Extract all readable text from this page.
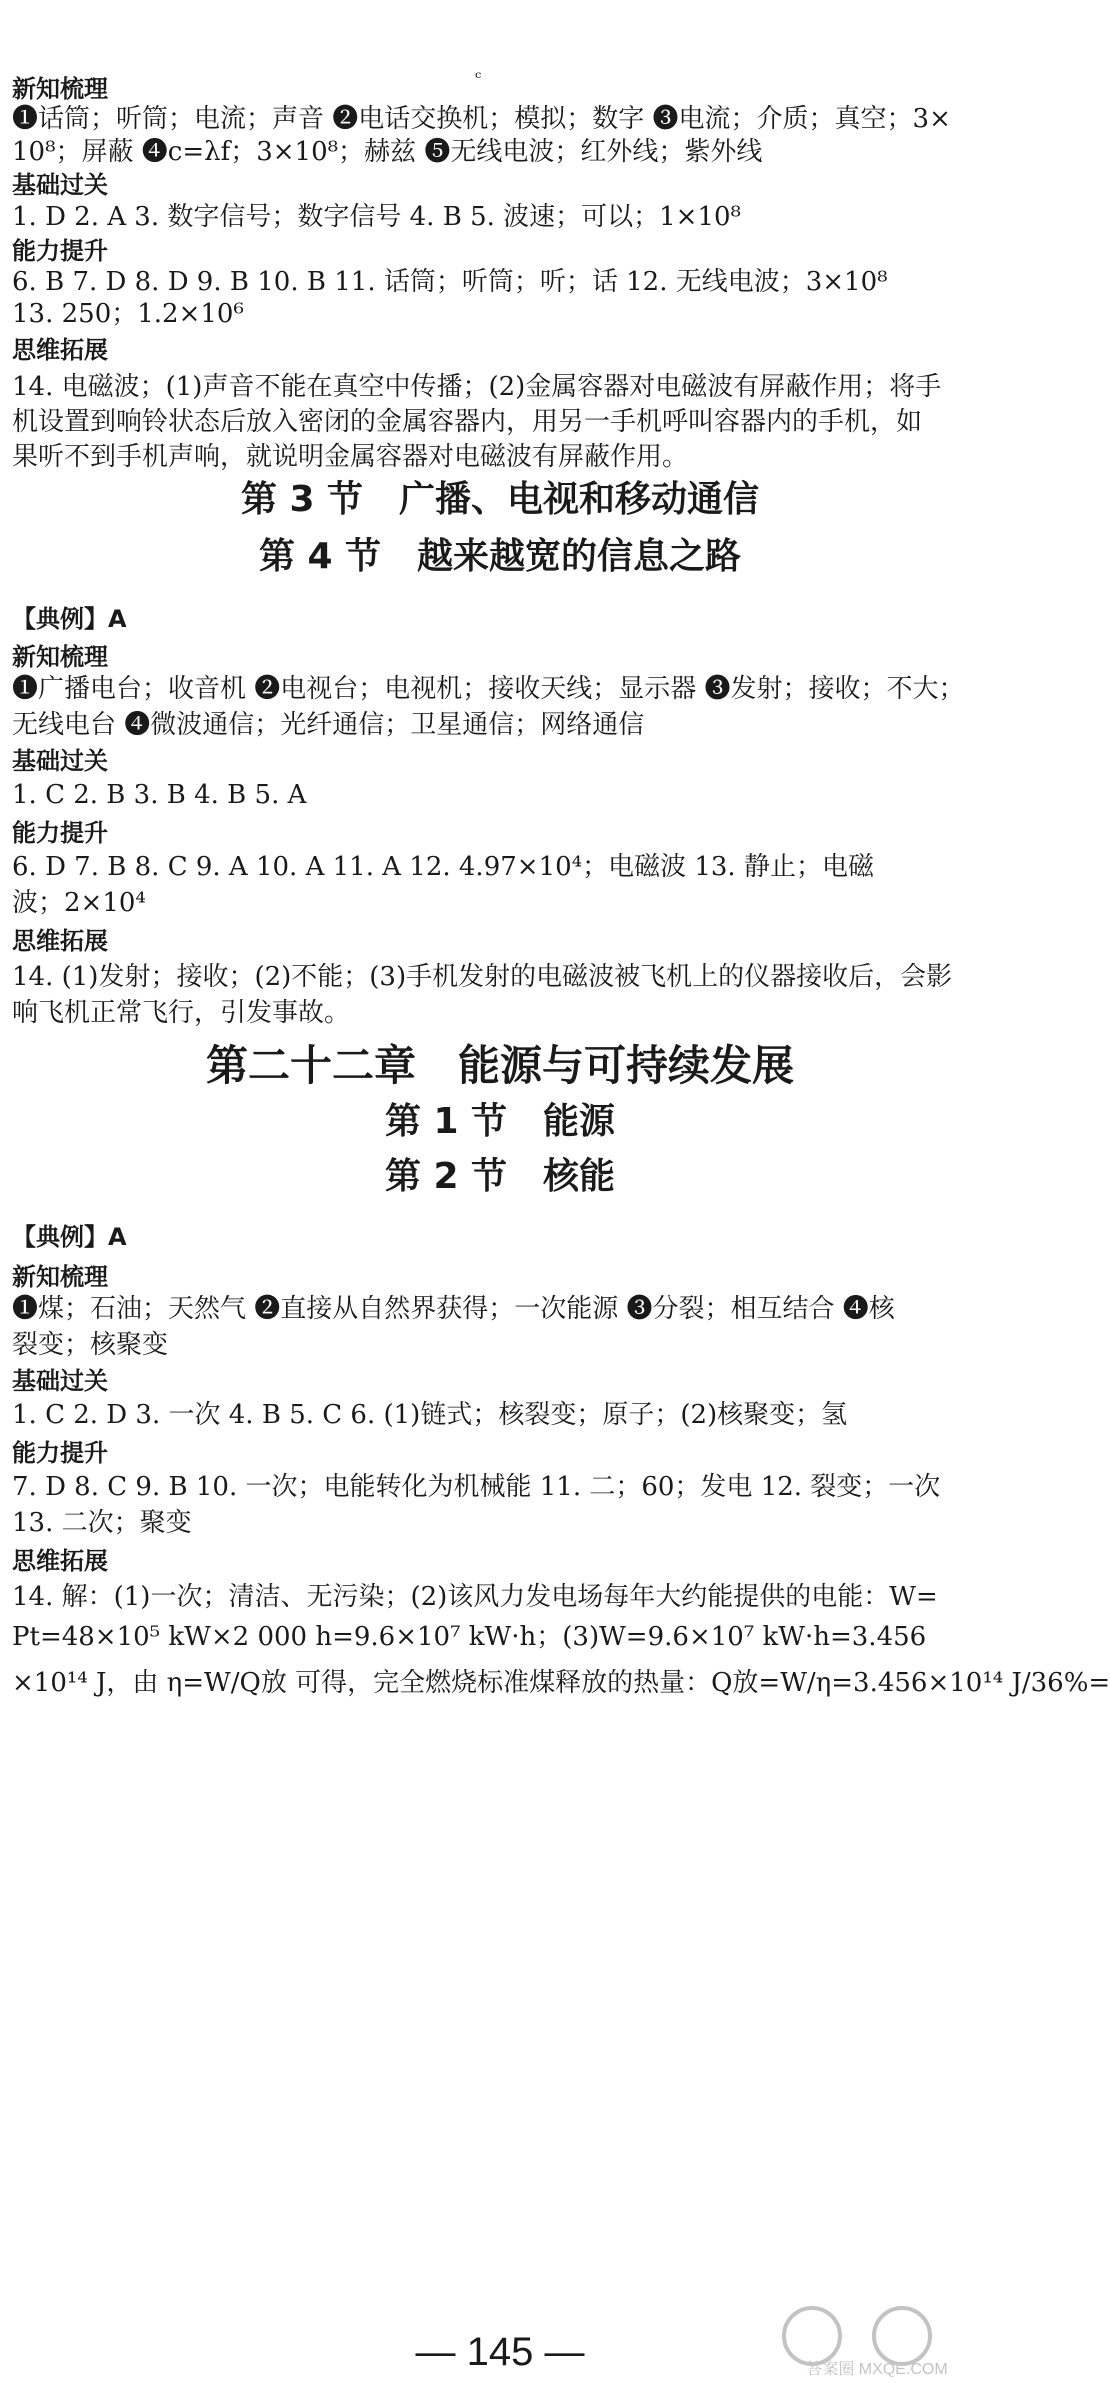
ᶜ
新知梳理
❶话筒；听筒；电流；声音 ❷电话交换机；模拟；数字 ❸电流；介质；真空；3×
10⁸；屏蔽 ❹c=λf；3×10⁸；赫兹 ❺无线电波；红外线；紫外线
基础过关
1. D 2. A 3. 数字信号；数字信号 4. B 5. 波速；可以；1×10⁸
能力提升
6. B 7. D 8. D 9. B 10. B 11. 话筒；听筒；听；话 12. 无线电波；3×10⁸
13. 250；1.2×10⁶
思维拓展
14. 电磁波；(1)声音不能在真空中传播；(2)金属容器对电磁波有屏蔽作用；将手
机设置到响铃状态后放入密闭的金属容器内，用另一手机呼叫容器内的手机，如
果听不到手机声响，就说明金属容器对电磁波有屏蔽作用。
第 3 节　广播、电视和移动通信
第 4 节　越来越宽的信息之路
【典例】A
新知梳理
❶广播电台；收音机 ❷电视台；电视机；接收天线；显示器 ❸发射；接收；不大；
无线电台 ❹微波通信；光纤通信；卫星通信；网络通信
基础过关
1. C 2. B 3. B 4. B 5. A
能力提升
6. D 7. B 8. C 9. A 10. A 11. A 12. 4.97×10⁴；电磁波 13. 静止；电磁
波；2×10⁴
思维拓展
14. (1)发射；接收；(2)不能；(3)手机发射的电磁波被飞机上的仪器接收后，会影
响飞机正常飞行，引发事故。
第二十二章　能源与可持续发展
第 1 节　能源
第 2 节　核能
【典例】A
新知梳理
❶煤；石油；天然气 ❷直接从自然界获得；一次能源 ❸分裂；相互结合 ❹核
裂变；核聚变
基础过关
1. C 2. D 3. 一次 4. B 5. C 6. (1)链式；核裂变；原子；(2)核聚变；氢
能力提升
7. D 8. C 9. B 10. 一次；电能转化为机械能 11. 二；60；发电 12. 裂变；一次
13. 二次；聚变
思维拓展
14. 解：(1)一次；清洁、无污染；(2)该风力发电场每年大约能提供的电能：W=
Pt=48×10⁵ kW×2 000 h=9.6×10⁷ kW·h；(3)W=9.6×10⁷ kW·h=3.456
×10¹⁴ J，由 η=W/Q放 可得，完全燃烧标准煤释放的热量：Q放=W/η=3.456×10¹⁴ J/36%=
— 145 —	答案圈 MXQE.COM
